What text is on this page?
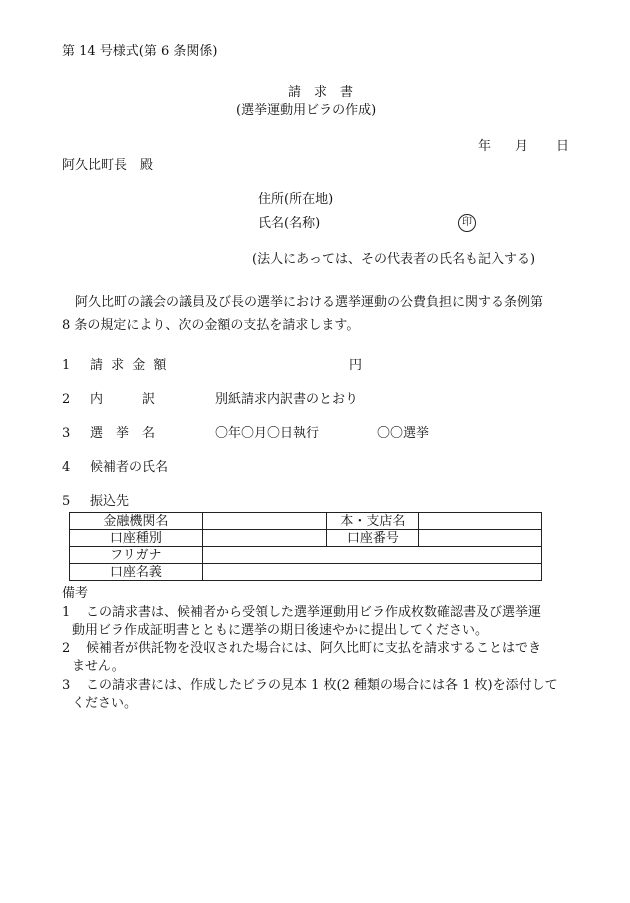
第 14 号様式(第 6 条関係)
請　求　書
(選挙運動用ビラの作成)
年 月 日
阿久比町長　殿
住所(所在地)
氏名(名称)	印
(法人にあっては、その代表者の氏名も記入する)
　阿久比町の議会の議員及び長の選挙における選挙運動の公費負担に関する条例第
8 条の規定により、次の金額の支払を請求します。
1 請 求 金 額	円
2 内　　　訳	別紙請求内訳書のとおり
3 選　挙　名	〇年〇月〇日執行	〇〇選挙
4 候補者の氏名
5 振込先
金融機関名		本・支店名	
口座種別		口座番号	
フリガナ			
口座名義			
備考
1 この請求書は、候補者から受領した選挙運動用ビラ作成枚数確認書及び選挙運
動用ビラ作成証明書とともに選挙の期日後速やかに提出してください。
2 候補者が供託物を没収された場合には、阿久比町に支払を請求することはでき
ません。
3 この請求書には、作成したビラの見本 1 枚(2 種類の場合には各 1 枚)を添付して
ください。
